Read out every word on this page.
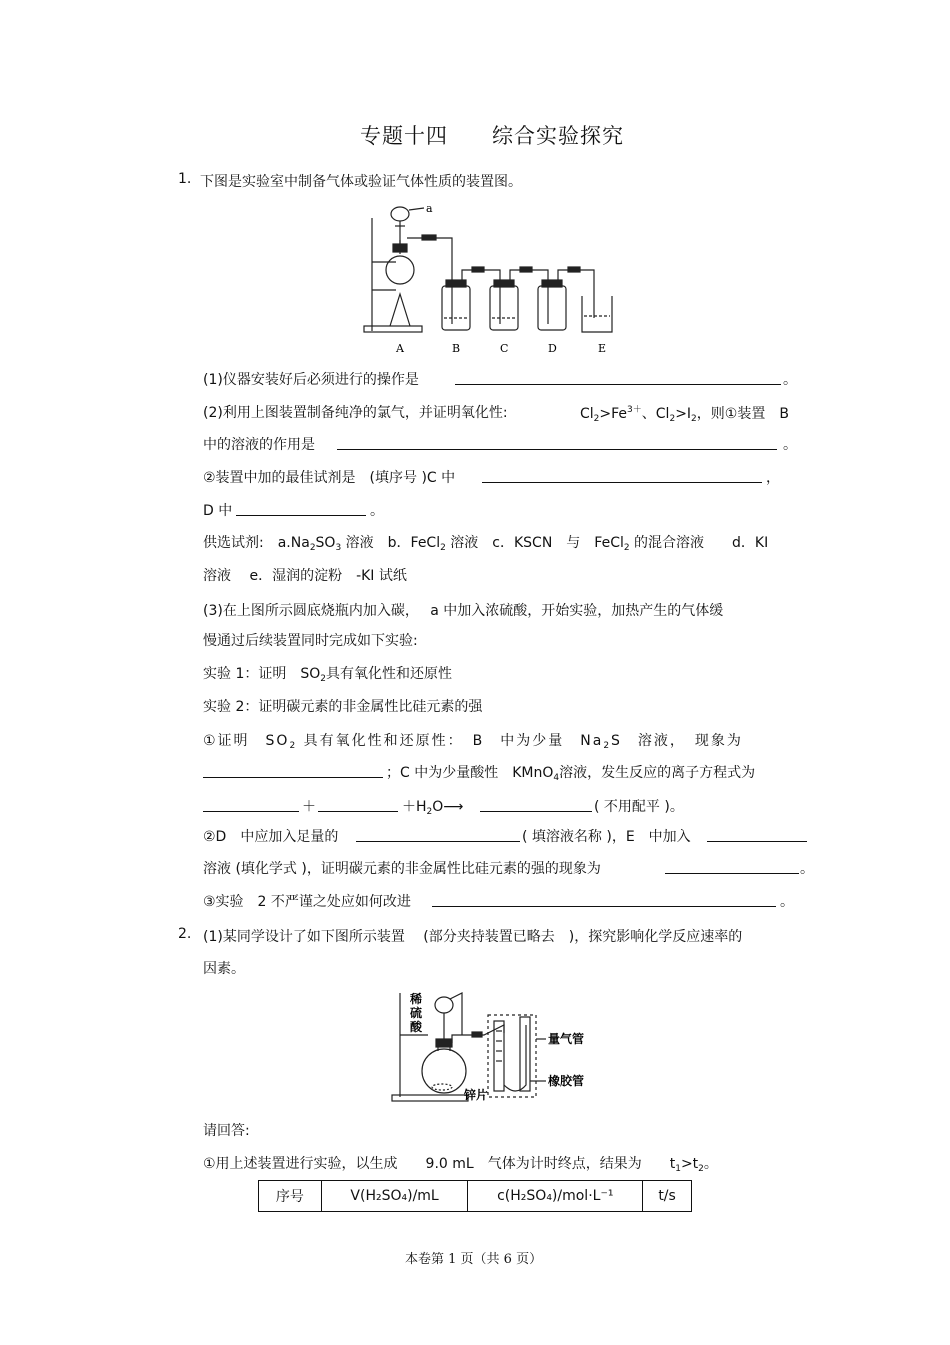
专题十四　　综合实验探究
1. 下图是实验室中制备气体或验证气体性质的装置图。
a
A	B	C	D	E
(1)仪器安装好后必须进行的操作是	。
(2)利用上图装置制备纯净的氯气，并证明氧化性:	$Cl_2>Fe^{3+}$、$Cl_2>I_2$，则①装置　B
中的溶液的作用是	。
②装置中加的最佳试剂是　(填序号 )C 中	，
D 中	。
供选试剂:　$a.Na_2SO_3$ 溶液　b．FeCl$_2$ 溶液　c．KSCN　与　FeCl$_2$ 的混合溶液　　d．KI
溶液　 e．湿润的淀粉　-KI 试纸
(3)在上图所示圆底烧瓶内加入碳，　 a 中加入浓硫酸，开始实验，加热产生的气体缓
慢通过后续装置同时完成如下实验:
实验 1：证明　$SO_2$具有氧化性和还原性
实验 2：证明碳元素的非金属性比硅元素的强
①证明　$SO_2$ 具有氧化性和还原性：　B　中为少量　$Na_2S$　溶液，　现象为
；C 中为少量酸性　KMnO$_4$溶液，发生反应的离子方程式为
＋	$+H_2O⟶$	( 不用配平 )。
②D　中应加入足量的	( 填溶液名称 )，E　中加入
溶液 (填化学式 )，证明碳元素的非金属性比硅元素的强的现象为	。
③实验　2 不严谨之处应如何改进	。
2. (1)某同学设计了如下图所示装置　 (部分夹持装置已略去　)，探究影响化学反应速率的
因素。
稀
硫
酸
量气管
橡胶管
锌片
请回答:
①用上述装置进行实验，以生成　　9.0 mL　气体为计时终点，结果为　　$t_1>t_2$。
序号	V(H₂SO₄)/mL	c(H₂SO₄)/mol·L⁻¹	t/s
本卷第 1 页（共 6 页）
